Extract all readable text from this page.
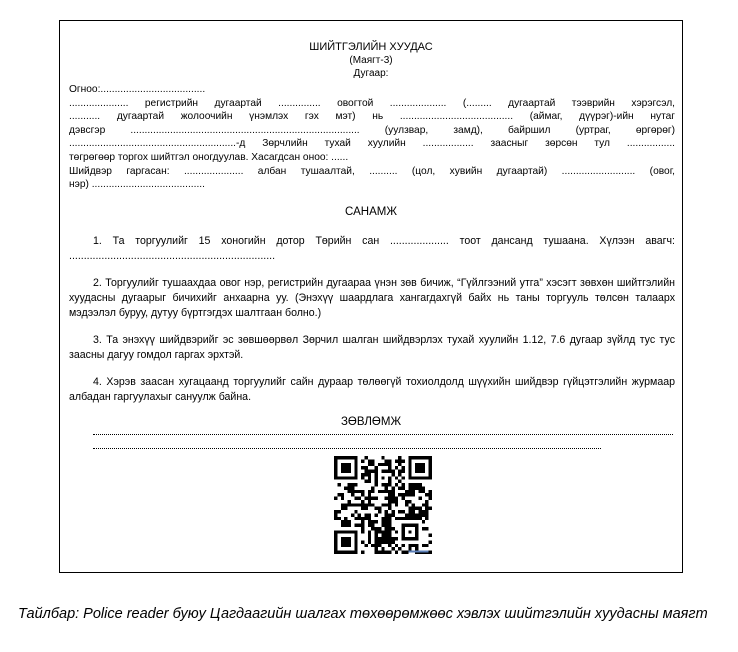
ШИЙТГЭЛИЙН ХУУДАС
(Маягт-3)
Дугаар:
Огноо:.....................................
..................... регистрийн дугаартай ............... овогтой .................... (......... дугаартай тээврийн хэрэгсэл,
........... дугаартай жолоочийн үнэмлэх гэх мэт) нь ........................................ (аймаг, дүүрэг)-ийн нутаг
дэвсгэр ................................................................................. (уулзвар, замд), байршил (уртраг, өргөрөг)
...........................................................-д Зөрчлийн тухай хуулийн .................. заасныг зөрсөн тул .................
төгрөгөөр торгох шийтгэл оногдуулав. Хасагдсан оноо: ......
Шийдвэр гаргасан: ..................... албан тушаалтай, .......... (цол, хувийн дугаартай) .......................... (овог,
нэр) ........................................
САНАМЖ

1. Та торгуулийг 15 хоногийн дотор Төрийн сан .................... тоот дансанд тушаана. Хүлээн авагч: ......................................................................

2. Торгуулийг тушаахдаа овог нэр, регистрийн дугаараа үнэн зөв бичиж, “Гүйлгээний утга” хэсэгт зөвхөн шийтгэлийн хуудасны дугаарыг бичихийг анхаарна уу. (Энэхүү шаардлага хангагдахгүй байх нь таны торгууль төлсөн талаарх мэдээлэл буруу, дутуу бүртгэгдэх шалтгаан болно.)

3. Та энэхүү шийдвэрийг эс зөвшөөрвөл Зөрчил шалган шийдвэрлэх тухай хуулийн 1.12, 7.6 дугаар зүйлд тус тус заасны дагуу гомдол гаргах эрхтэй.

4. Хэрэв заасан хугацаанд торгуулийг сайн дураар төлөөгүй тохиолдолд шүүхийн шийдвэр гүйцэтгэлийн журмаар албадан гаргуулахыг сануулж байна.

ЗӨВЛӨМЖ
Тайлбар: Police reader буюу Цагдаагийн шалгах төхөөрөмжөөс хэвлэх шийтгэлийн хуудасны маягт
